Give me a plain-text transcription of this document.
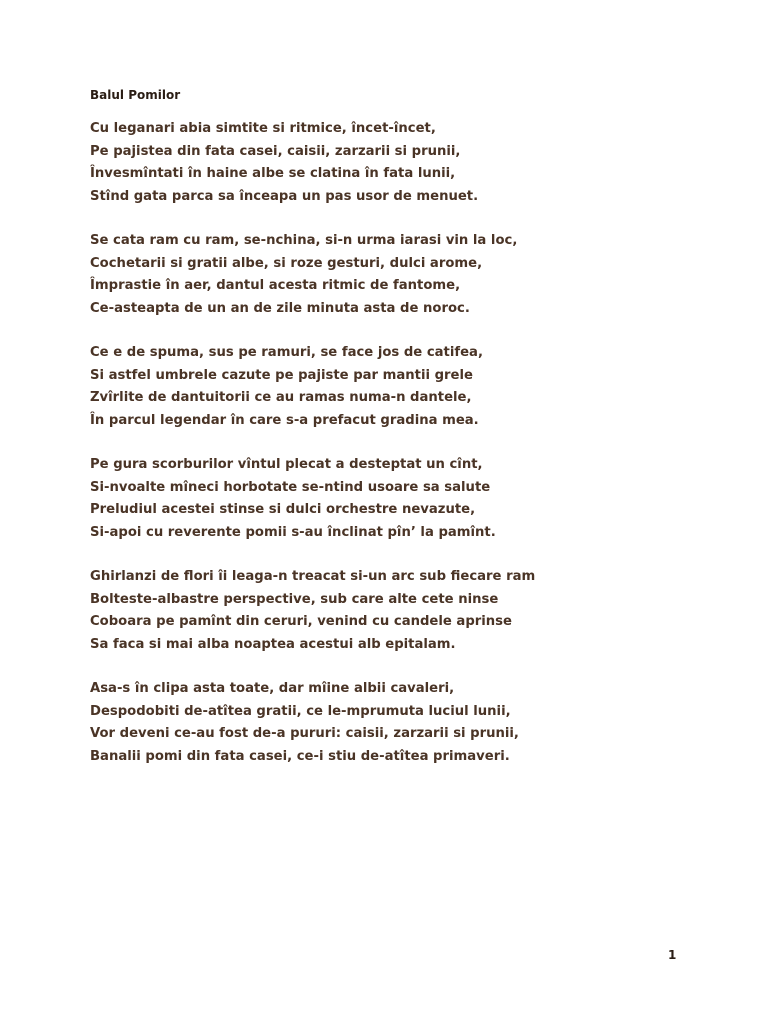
Balul Pomilor
Cu leganari abia simtite si ritmice, încet-încet,
Pe pajistea din fata casei, caisii, zarzarii si prunii,
Învesmîntati în haine albe se clatina în fata lunii,
Stînd gata parca sa înceapa un pas usor de menuet.
Se cata ram cu ram, se-nchina, si-n urma iarasi vin la loc,
Cochetarii si gratii albe, si roze gesturi, dulci arome,
Împrastie în aer, dantul acesta ritmic de fantome,
Ce-asteapta de un an de zile minuta asta de noroc.
Ce e de spuma, sus pe ramuri, se face jos de catifea,
Si astfel umbrele cazute pe pajiste par mantii grele
Zvîrlite de dantuitorii ce au ramas numa-n dantele,
În parcul legendar în care s-a prefacut gradina mea.
Pe gura scorburilor vîntul plecat a desteptat un cînt,
Si-nvoalte mîneci horbotate se-ntind usoare sa salute
Preludiul acestei stinse si dulci orchestre nevazute,
Si-apoi cu reverente pomii s-au înclinat pîn’ la pamînt.
Ghirlanzi de flori îi leaga-n treacat si-un arc sub fiecare ram
Bolteste-albastre perspective, sub care alte cete ninse
Coboara pe pamînt din ceruri, venind cu candele aprinse
Sa faca si mai alba noaptea acestui alb epitalam.
Asa-s în clipa asta toate, dar mîine albii cavaleri,
Despodobiti de-atîtea gratii, ce le-mprumuta luciul lunii,
Vor deveni ce-au fost de-a pururi: caisii, zarzarii si prunii,
Banalii pomi din fata casei, ce-i stiu de-atîtea primaveri.
1
